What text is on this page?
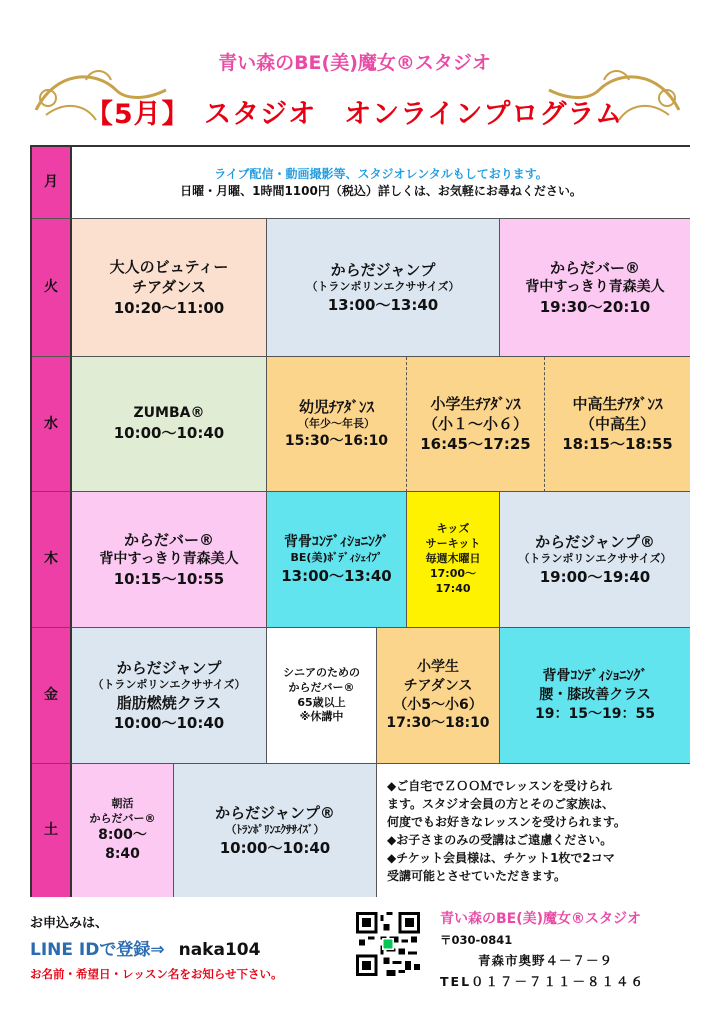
青い森のBE(美)魔女®スタジオ
【5月】　スタジオ　オンラインプログラム
月
火
水
木
金
土
ライブ配信・動画撮影等、スタジオレンタルもしております。
日曜・月曜、1時間1100円（税込）詳しくは、お気軽にお尋ねください。
大人のビュティー
チアダンス
10:20～11:00
からだジャンプ
（トランポリンエクササイズ）
13:00～13:40
からだバー®
背中すっきり青森美人
19:30～20:10
ZUMBA®
10:00～10:40
幼児ﾁｱﾀﾞﾝｽ
（年少～年長）
15:30～16:10
小学生ﾁｱﾀﾞﾝｽ
（小１～小６）
16:45～17:25
中高生ﾁｱﾀﾞﾝｽ
（中高生）
18:15～18:55
からだバー®
背中すっきり青森美人
10:15～10:55
背骨ｺﾝﾃﾞｨｼｮﾆﾝｸﾞ
BE(美)ﾎﾞﾃﾞｨｼｪｲﾌﾟ
13:00～13:40
キッズ
サーキット
毎週木曜日
17:00～
17:40
からだジャンプ®
（トランポリンエクササイズ）
19:00～19:40
からだジャンプ
（トランポリンエクササイズ）
脂肪燃焼クラス
10:00～10:40
シニアのための
からだバー®
65歳以上
※休講中
小学生
チアダンス
（小5～小6）
17:30～18:10
背骨ｺﾝﾃﾞｨｼｮﾆﾝｸﾞ
腰・膝改善クラス
19：15～19：55
朝活
からだバー®
8:00～
8:40
からだジャンプ®
（ﾄﾗﾝﾎﾟﾘﾝｴｸｻｻｲｽﾞ）
10:00～10:40
◆ご自宅でＺＯＯＭでレッスンを受けられ
ます。スタジオ会員の方とそのご家族は、
何度でもお好きなレッスンを受けられます。
◆お子さまのみの受講はご遠慮ください。
◆チケット会員様は、チケット1枚で2コマ
受講可能とさせていただきます。
お申込みは、
LINE IDで登録⇒ naka104
お名前・希望日・レッスン名をお知らせ下さい。
青い森のBE(美)魔女®スタジオ
〒030-0841
青森市奥野４－７－９
TEL０１７－７１１－８１４６
